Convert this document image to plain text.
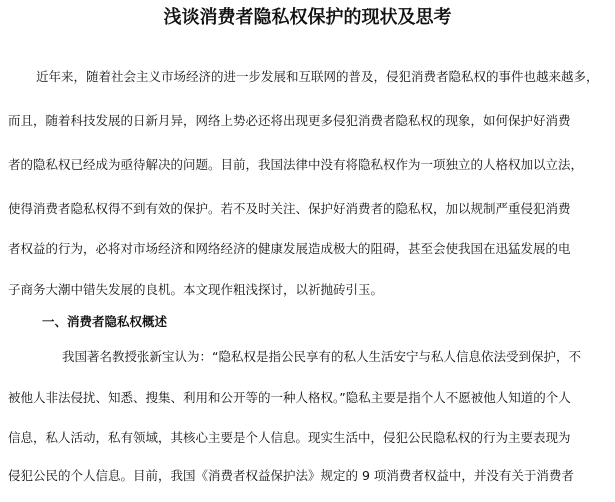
浅谈消费者隐私权保护的现状及思考
近年来，随着社会主义市场经济的进一步发展和互联网的普及，侵犯消费者隐私权的事件也越来越多，
而且，随着科技发展的日新月异，网络上势必还将出现更多侵犯消费者隐私权的现象，如何保护好消费
者的隐私权已经成为亟待解决的问题。目前，我国法律中没有将隐私权作为一项独立的人格权加以立法，
使得消费者隐私权得不到有效的保护。若不及时关注、保护好消费者的隐私权，加以规制严重侵犯消费
者权益的行为，必将对市场经济和网络经济的健康发展造成极大的阻碍，甚至会使我国在迅猛发展的电
子商务大潮中错失发展的良机。本文现作粗浅探讨，以祈抛砖引玉。
一、消费者隐私权概述
我国著名教授张新宝认为：“隐私权是指公民享有的私人生活安宁与私人信息依法受到保护，不
被他人非法侵扰、知悉、搜集、利用和公开等的一种人格权。”隐私主要是指个人不愿被他人知道的个人
信息，私人活动，私有领域，其核心主要是个人信息。现实生活中，侵犯公民隐私权的行为主要表现为
侵犯公民的个人信息。目前，我国《消费者权益保护法》规定的 9 项消费者权益中，并没有关于消费者
